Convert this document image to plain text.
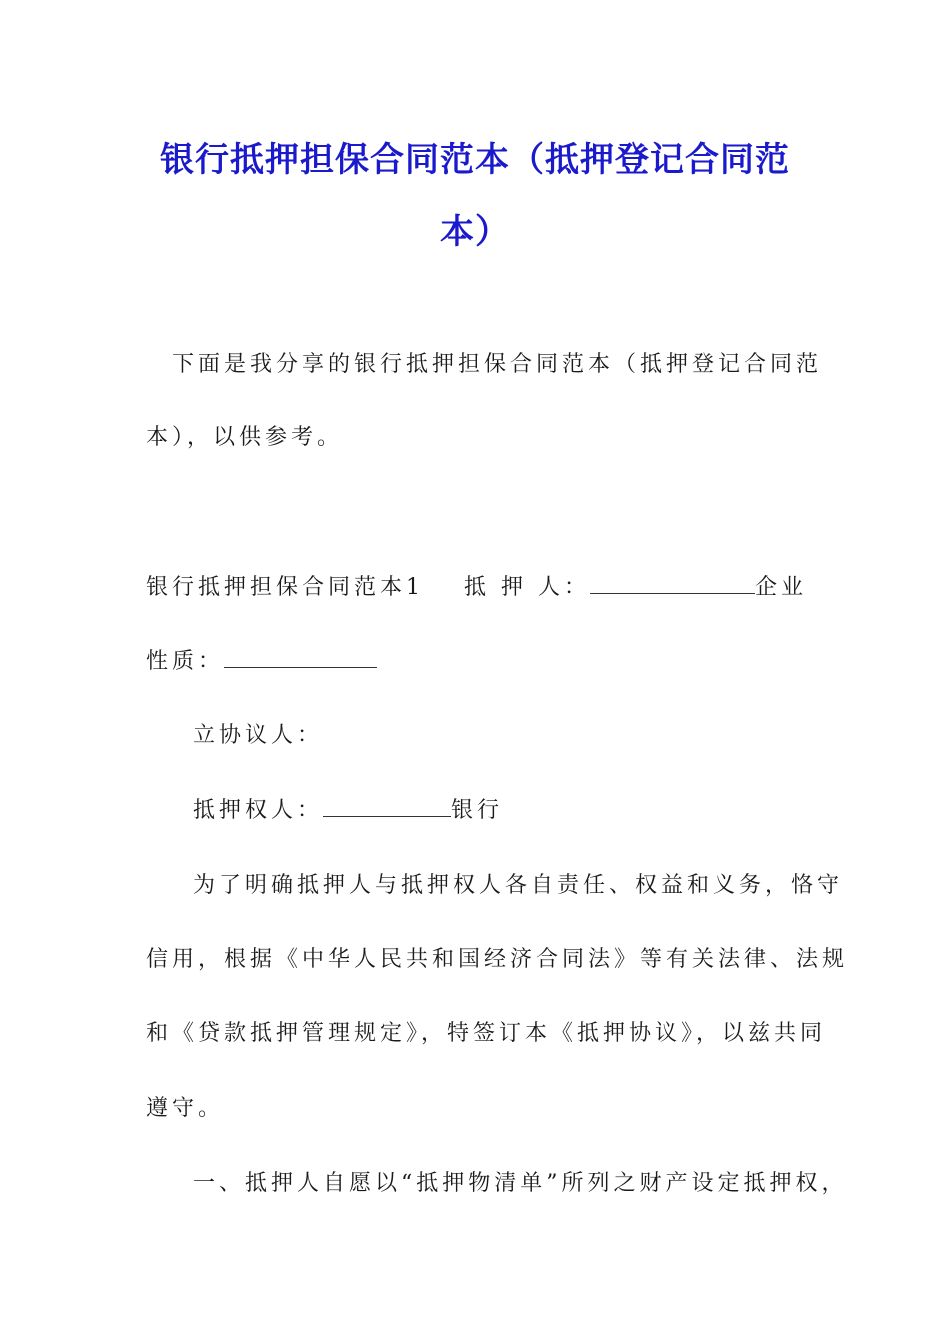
银行抵押担保合同范本（抵押登记合同范
本）
下面是我分享的银行抵押担保合同范本（抵押登记合同范
本），以供参考。
银行抵押担保合同范本1 抵 押 人：	企业
性质：
立协议人：
抵押权人：	银行
为了明确抵押人与抵押权人各自责任、权益和义务，恪守
信用，根据《中华人民共和国经济合同法》等有关法律、法规
和《贷款抵押管理规定》，特签订本《抵押协议》，以兹共同
遵守。
一、抵押人自愿以“抵押物清单”所列之财产设定抵押权，
